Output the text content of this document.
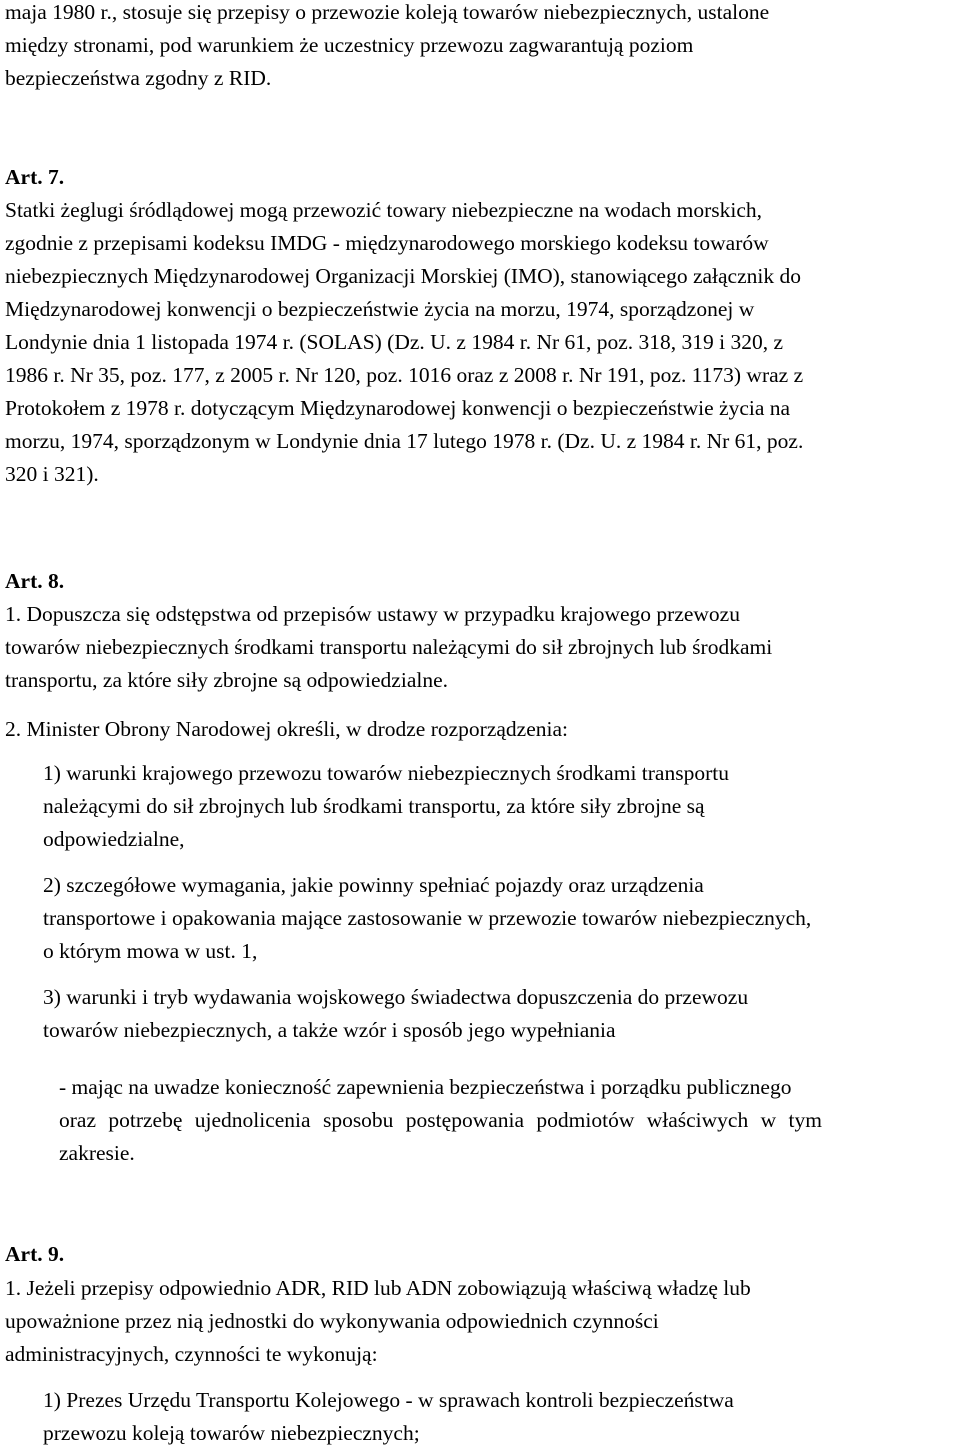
maja 1980 r., stosuje się przepisy o przewozie koleją towarów niebezpiecznych, ustalone
między stronami, pod warunkiem że uczestnicy przewozu zagwarantują poziom
bezpieczeństwa zgodny z RID.
Art. 7.
Statki żeglugi śródlądowej mogą przewozić towary niebezpieczne na wodach morskich,
zgodnie z przepisami kodeksu IMDG - międzynarodowego morskiego kodeksu towarów
niebezpiecznych Międzynarodowej Organizacji Morskiej (IMO), stanowiącego załącznik do
Międzynarodowej konwencji o bezpieczeństwie życia na morzu, 1974, sporządzonej w
Londynie dnia 1 listopada 1974 r. (SOLAS) (Dz. U. z 1984 r. Nr 61, poz. 318, 319 i 320, z
1986 r. Nr 35, poz. 177, z 2005 r. Nr 120, poz. 1016 oraz z 2008 r. Nr 191, poz. 1173) wraz z
Protokołem z 1978 r. dotyczącym Międzynarodowej konwencji o bezpieczeństwie życia na
morzu, 1974, sporządzonym w Londynie dnia 17 lutego 1978 r. (Dz. U. z 1984 r. Nr 61, poz.
320 i 321).
Art. 8.
1. Dopuszcza się odstępstwa od przepisów ustawy w przypadku krajowego przewozu
towarów niebezpiecznych środkami transportu należącymi do sił zbrojnych lub środkami
transportu, za które siły zbrojne są odpowiedzialne.
2. Minister Obrony Narodowej określi, w drodze rozporządzenia:
1) warunki krajowego przewozu towarów niebezpiecznych środkami transportu
należącymi do sił zbrojnych lub środkami transportu, za które siły zbrojne są
odpowiedzialne,
2) szczegółowe wymagania, jakie powinny spełniać pojazdy oraz urządzenia
transportowe i opakowania mające zastosowanie w przewozie towarów niebezpiecznych,
o którym mowa w ust. 1,
3) warunki i tryb wydawania wojskowego świadectwa dopuszczenia do przewozu
towarów niebezpiecznych, a także wzór i sposób jego wypełniania
- mając na uwadze konieczność zapewnienia bezpieczeństwa i porządku publicznego
oraz potrzebę ujednolicenia sposobu postępowania podmiotów właściwych w tym
zakresie.
Art. 9.
1. Jeżeli przepisy odpowiednio ADR, RID lub ADN zobowiązują właściwą władzę lub
upoważnione przez nią jednostki do wykonywania odpowiednich czynności
administracyjnych, czynności te wykonują:
1) Prezes Urzędu Transportu Kolejowego - w sprawach kontroli bezpieczeństwa
przewozu koleją towarów niebezpiecznych;
